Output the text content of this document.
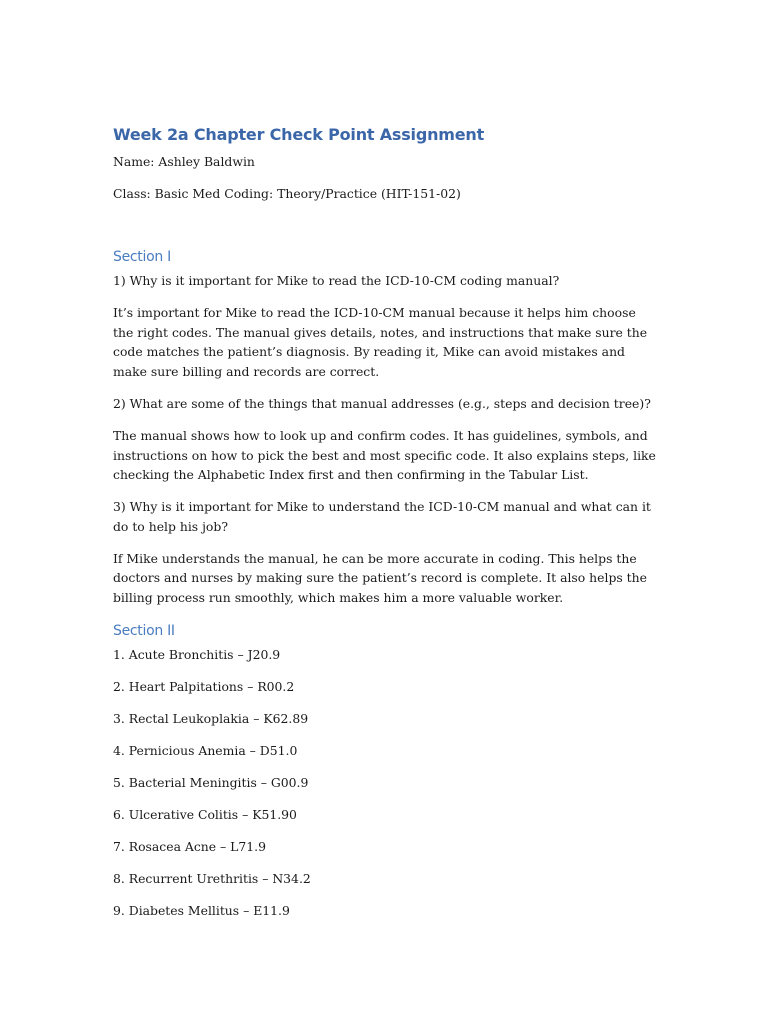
Week 2a Chapter Check Point Assignment

Name: Ashley Baldwin

Class: Basic Med Coding: Theory/Practice (HIT-151-02)

Section I

1) Why is it important for Mike to read the ICD-10-CM coding manual?

It’s important for Mike to read the ICD-10-CM manual because it helps him choose the right codes. The manual gives details, notes, and instructions that make sure the code matches the patient’s diagnosis. By reading it, Mike can avoid mistakes and make sure billing and records are correct.

2) What are some of the things that manual addresses (e.g., steps and decision tree)?

The manual shows how to look up and confirm codes. It has guidelines, symbols, and instructions on how to pick the best and most specific code. It also explains steps, like checking the Alphabetic Index first and then confirming in the Tabular List.

3) Why is it important for Mike to understand the ICD-10-CM manual and what can it do to help his job?

If Mike understands the manual, he can be more accurate in coding. This helps the doctors and nurses by making sure the patient’s record is complete. It also helps the billing process run smoothly, which makes him a more valuable worker.

Section II

1. Acute Bronchitis – J20.9

2. Heart Palpitations – R00.2

3. Rectal Leukoplakia – K62.89

4. Pernicious Anemia – D51.0

5. Bacterial Meningitis – G00.9

6. Ulcerative Colitis – K51.90

7. Rosacea Acne – L71.9

8. Recurrent Urethritis – N34.2

9. Diabetes Mellitus – E11.9
